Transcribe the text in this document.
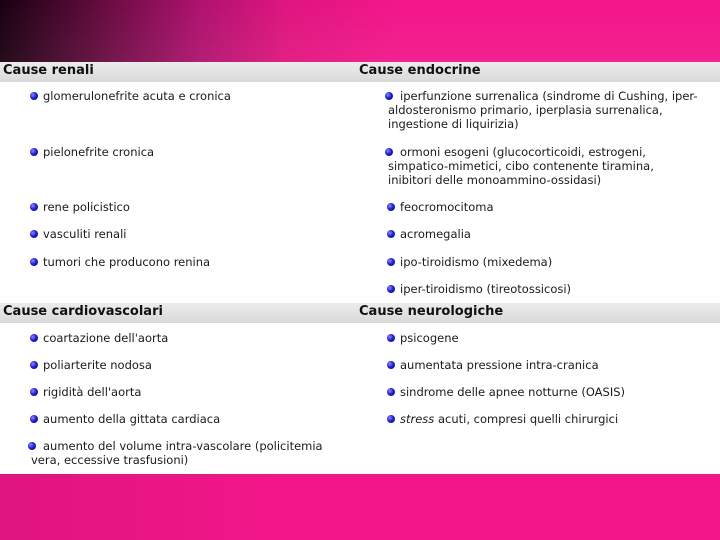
Cause renali	Cause endocrine
glomerulonefrite acuta e cronica
pielonefrite cronica
rene policistico
vasculiti renali
tumori che producono renina
iperfunzione surrenalica (sindrome di Cushing, iper-aldosteronismo primario, iperplasia surrenalica, ingestione di liquirizia)
ormoni esogeni (glucocorticoidi, estrogeni, simpatico-mimetici, cibo contenente tiramina, inibitori delle monoammino-ossidasi)
feocromocitoma
acromegalia
ipo-tiroidismo (mixedema)
iper-tiroidismo (tireotossicosi)
Cause cardiovascolari	Cause neurologiche
coartazione dell'aorta
poliarterite nodosa
rigidità dell'aorta
aumento della gittata cardiaca
aumento del volume intra-vascolare (policitemia vera, eccessive trasfusioni)
psicogene
aumentata pressione intra-cranica
sindrome delle apnee notturne (OASIS)
stress acuti, compresi quelli chirurgici
